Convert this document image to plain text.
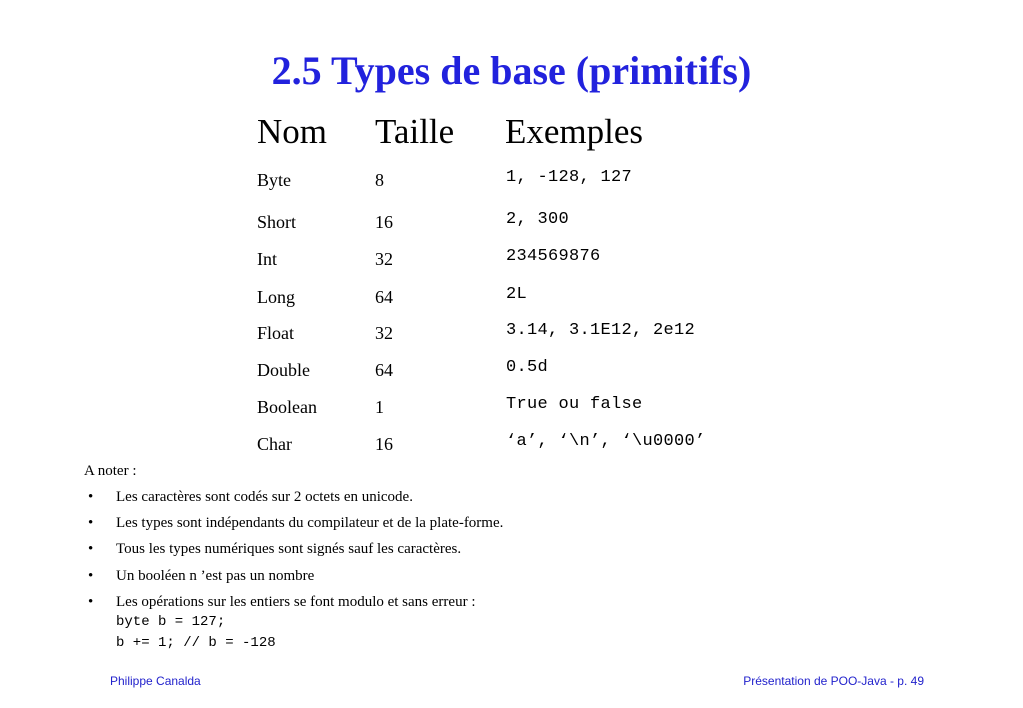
2.5 Types de base (primitifs)
Nom Taille Exemples
Byte	8	1, -128, 127
Short	16	2, 300
Int	32	234569876
Long	64	2L
Float	32	3.14, 3.1E12, 2e12
Double	64	0.5d
Boolean	1	True ou false
Char	16	‘a’, ‘\n’, ‘\u0000’
A noter :
• Les caractères sont codés sur 2 octets en unicode.
• Les types sont indépendants du compilateur et de la plate-forme.
• Tous les types numériques sont signés sauf les caractères.
• Un booléen n ’est pas un nombre
• Les opérations sur les entiers se font modulo et sans erreur :
byte b = 127;
b += 1; // b = -128
Philippe Canalda	Présentation de POO-Java - p. 49
